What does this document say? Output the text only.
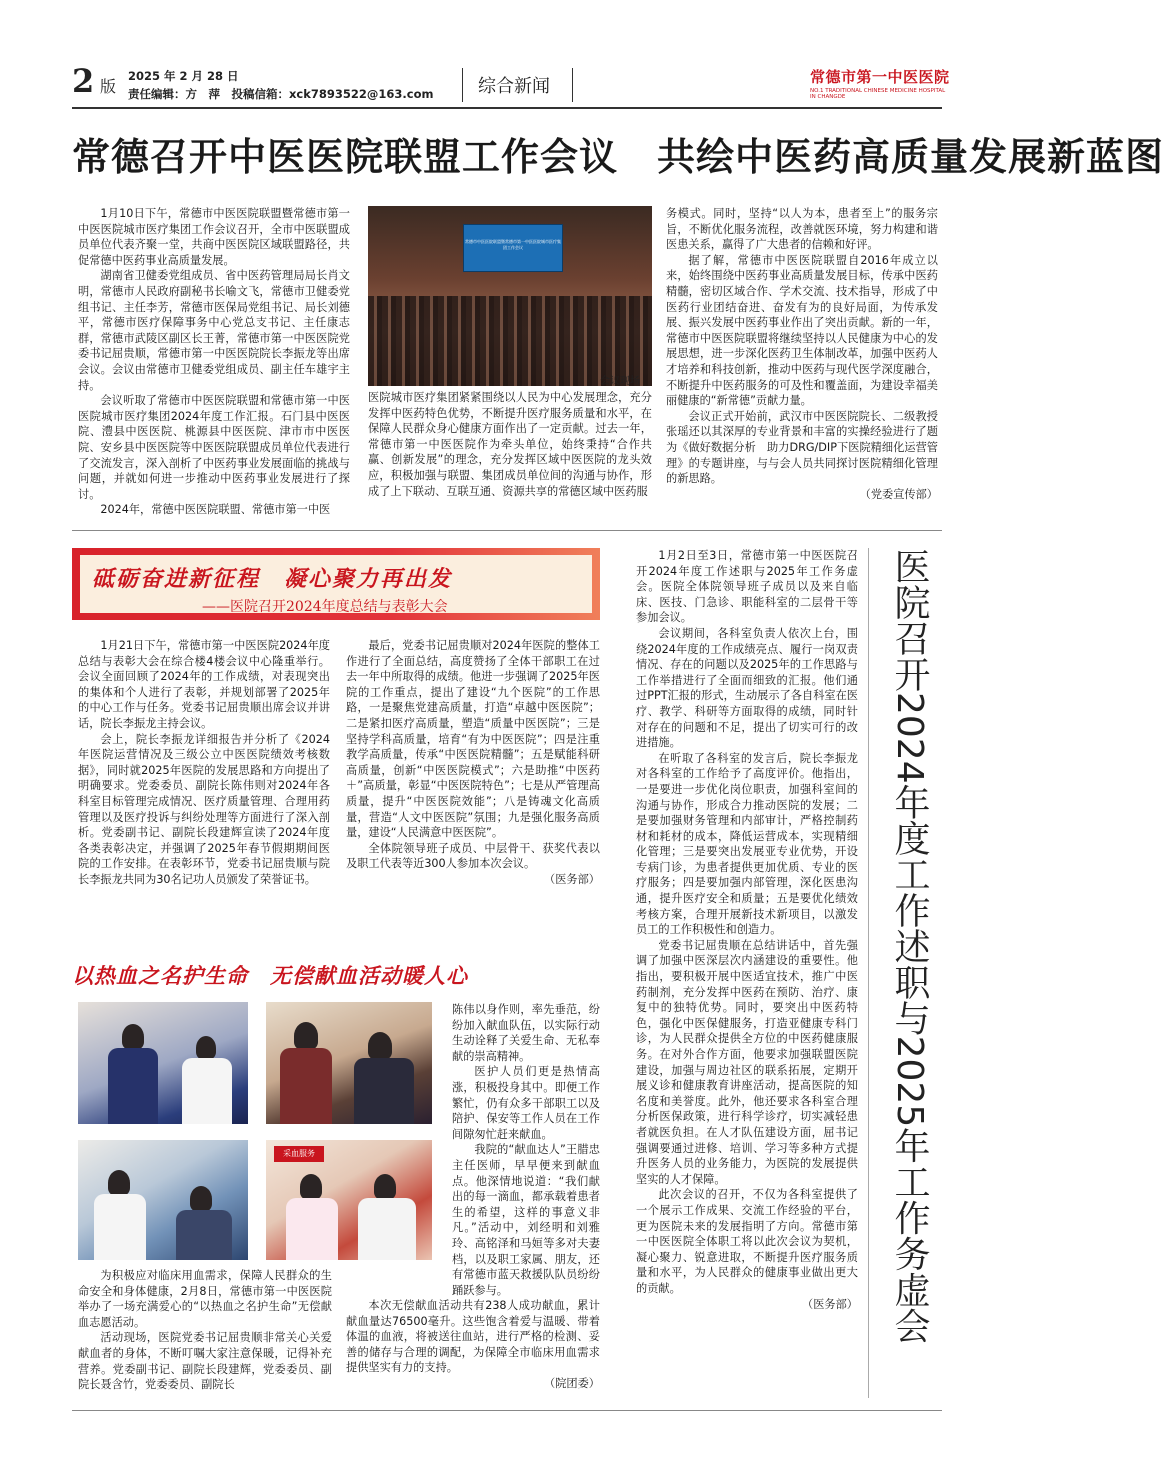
2 版
2025 年 2 月 28 日
责任编辑：方　萍　投稿信箱：xck7893522@163.com 综合新闻	常德市第一中医医院
NO.1 TRADITIONAL CHINESE MEDICINE HOSPITAL IN CHANGDE
常德召开中医医院联盟工作会议　共绘中医药高质量发展新蓝图

1月10日下午，常德市中医医院联盟暨常德市第一中医医院城市医疗集团工作会议召开，全市中医联盟成员单位代表齐聚一堂，共商中医医院区域联盟路径，共促常德中医药事业高质量发展。

湖南省卫健委党组成员、省中医药管理局局长肖文明，常德市人民政府副秘书长喻文飞，常德市卫健委党组书记、主任李芳，常德市医保局党组书记、局长刘德平，常德市医疗保障事务中心党总支书记、主任康志群，常德市武陵区副区长王菁，常德市第一中医医院党委书记屈贵顺，常德市第一中医医院院长李振龙等出席会议。会议由常德市卫健委党组成员、副主任车雄宇主持。

会议听取了常德市中医医院联盟和常德市第一中医医院城市医疗集团2024年度工作汇报。石门县中医医院、澧县中医医院、桃源县中医医院、津市市中医医院、安乡县中医医院等中医医院联盟成员单位代表进行了交流发言，深入剖析了中医药事业发展面临的挑战与问题，并就如何进一步推动中医药事业发展进行了探讨。

2024年，常德中医医院联盟、常德市第一中医

常德市中医医院联盟暨常德市第一中医医院城市医疗集团工作会议
会议现场

医院城市医疗集团紧紧围绕以人民为中心发展理念，充分发挥中医药特色优势，不断提升医疗服务质量和水平，在保障人民群众身心健康方面作出了一定贡献。过去一年，常德市第一中医医院作为牵头单位，始终秉持“合作共赢、创新发展”的理念，充分发挥区域中医医院的龙头效应，积极加强与联盟、集团成员单位间的沟通与协作，形成了上下联动、互联互通、资源共享的常德区域中医药服

务模式。同时，坚持“以人为本，患者至上”的服务宗旨，不断优化服务流程，改善就医环境，努力构建和谐医患关系，赢得了广大患者的信赖和好评。

据了解，常德市中医医院联盟自2016年成立以来，始终围绕中医药事业高质量发展目标，传承中医药精髓，密切区域合作、学术交流、技术指导，形成了中医药行业团结奋进、奋发有为的良好局面，为传承发展、振兴发展中医药事业作出了突出贡献。新的一年，常德市中医医院联盟将继续坚持以人民健康为中心的发展思想，进一步深化医药卫生体制改革，加强中医药人才培养和科技创新，推动中医药与现代医学深度融合，不断提升中医药服务的可及性和覆盖面，为建设幸福美丽健康的“新常德”贡献力量。

会议正式开始前，武汉市中医医院院长、二级教授张瑶还以其深厚的专业背景和丰富的实操经验进行了题为《做好数据分析　助力DRG/DIP下医院精细化运营管理》的专题讲座，与与会人员共同探讨医院精细化管理的新思路。

（党委宣传部）

砥砺奋进新征程　凝心聚力再出发
——医院召开2024年度总结与表彰大会

1月21日下午，常德市第一中医医院2024年度总结与表彰大会在综合楼4楼会议中心隆重举行。会议全面回顾了2024年的工作成绩，对表现突出的集体和个人进行了表彰，并规划部署了2025年的中心工作与任务。党委书记屈贵顺出席会议并讲话，院长李振龙主持会议。

会上，院长李振龙详细报告并分析了《2024年医院运营情况及三级公立中医医院绩效考核数据》，同时就2025年医院的发展思路和方向提出了明确要求。党委委员、副院长陈伟则对2024年各科室目标管理完成情况、医疗质量管理、合理用药管理以及医疗投诉与纠纷处理等方面进行了深入剖析。党委副书记、副院长段建辉宣读了2024年度各类表彰决定，并强调了2025年春节假期期间医院的工作安排。在表彰环节，党委书记屈贵顺与院长李振龙共同为30名记功人员颁发了荣誉证书。

最后，党委书记屈贵顺对2024年医院的整体工作进行了全面总结，高度赞扬了全体干部职工在过去一年中所取得的成绩。他进一步强调了2025年医院的工作重点，提出了建设“九个医院”的工作思路，一是聚焦党建高质量，打造“卓越中医医院”；二是紧扣医疗高质量，塑造“质量中医医院”；三是坚持学科高质量，培育“有为中医医院”；四是注重教学高质量，传承“中医医院精髓”；五是赋能科研高质量，创新“中医医院模式”；六是助推“中医药＋”高质量，彰显“中医医院特色”；七是从严管理高质量，提升“中医医院效能”；八是铸魂文化高质量，营造“人文中医医院”氛围；九是强化服务高质量，建设“人民满意中医医院”。

全体院领导班子成员、中层骨干、获奖代表以及职工代表等近300人参加本次会议。

（医务部）

1月2日至3日，常德市第一中医医院召开2024年度工作述职与2025年工作务虚会。医院全体院领导班子成员以及来自临床、医技、门急诊、职能科室的二层骨干等参加会议。

会议期间，各科室负责人依次上台，围绕2024年度的工作成绩亮点、履行一岗双责情况、存在的问题以及2025年的工作思路与工作举措进行了全面而细致的汇报。他们通过PPT汇报的形式，生动展示了各自科室在医疗、教学、科研等方面取得的成绩，同时针对存在的问题和不足，提出了切实可行的改进措施。

在听取了各科室的发言后，院长李振龙对各科室的工作给予了高度评价。他指出，一是要进一步优化岗位职责，加强科室间的沟通与协作，形成合力推动医院的发展；二是要加强财务管理和内部审计，严格控制药材和耗材的成本，降低运营成本，实现精细化管理；三是要突出发展亚专业优势，开设专病门诊，为患者提供更加优质、专业的医疗服务；四是要加强内部管理，深化医患沟通，提升医疗安全和质量；五是要优化绩效考核方案，合理开展新技术新项目，以激发员工的工作积极性和创造力。

党委书记屈贵顺在总结讲话中，首先强调了加强中医深层次内涵建设的重要性。他指出，要积极开展中医适宜技术，推广中医药制剂，充分发挥中医药在预防、治疗、康复中的独特优势。同时，要突出中医药特色，强化中医保健服务，打造亚健康专科门诊，为人民群众提供全方位的中医药健康服务。在对外合作方面，他要求加强联盟医院建设，加强与周边社区的联系拓展，定期开展义诊和健康教育讲座活动，提高医院的知名度和美誉度。此外，他还要求各科室合理分析医保政策，进行科学诊疗，切实减轻患者就医负担。在人才队伍建设方面，屈书记强调要通过进修、培训、学习等多种方式提升医务人员的业务能力，为医院的发展提供坚实的人才保障。

此次会议的召开，不仅为各科室提供了一个展示工作成果、交流工作经验的平台，更为医院未来的发展指明了方向。常德市第一中医医院全体职工将以此次会议为契机，凝心聚力、锐意进取，不断提升医疗服务质量和水平，为人民群众的健康事业做出更大的贡献。

（医务部） 医院召开2024年度工作述职与2025年工作务虚会
以热血之名护生命　无偿献血活动暖人心
采血服务

陈伟以身作则，率先垂范，纷纷加入献血队伍，以实际行动生动诠释了关爱生命、无私奉献的崇高精神。

医护人员们更是热情高涨，积极投身其中。即便工作繁忙，仍有众多干部职工以及陪护、保安等工作人员在工作间隙匆忙赶来献血。

我院的“献血达人”王腊忠主任医师，早早便来到献血点。他深情地说道：“我们献出的每一滴血，都承载着患者生的希望，这样的事意义非凡。”活动中，刘经明和刘雅玲、高铭泽和马姮等多对夫妻档，以及职工家属、朋友，还有常德市蓝天救援队队员纷纷踊跃参与。

为积极应对临床用血需求，保障人民群众的生命安全和身体健康，2月8日，常德市第一中医医院举办了一场充满爱心的“以热血之名护生命”无偿献血志愿活动。

活动现场，医院党委书记屈贵顺非常关心关爱献血者的身体，不断叮嘱大家注意保暖，记得补充营养。党委副书记、副院长段建辉，党委委员、副院长聂含竹，党委委员、副院长

本次无偿献血活动共有238人成功献血，累计献血量达76500毫升。这些饱含着爱与温暖、带着体温的血液，将被送往血站，进行严格的检测、妥善的储存与合理的调配，为保障全市临床用血需求提供坚实有力的支持。

（院团委）
